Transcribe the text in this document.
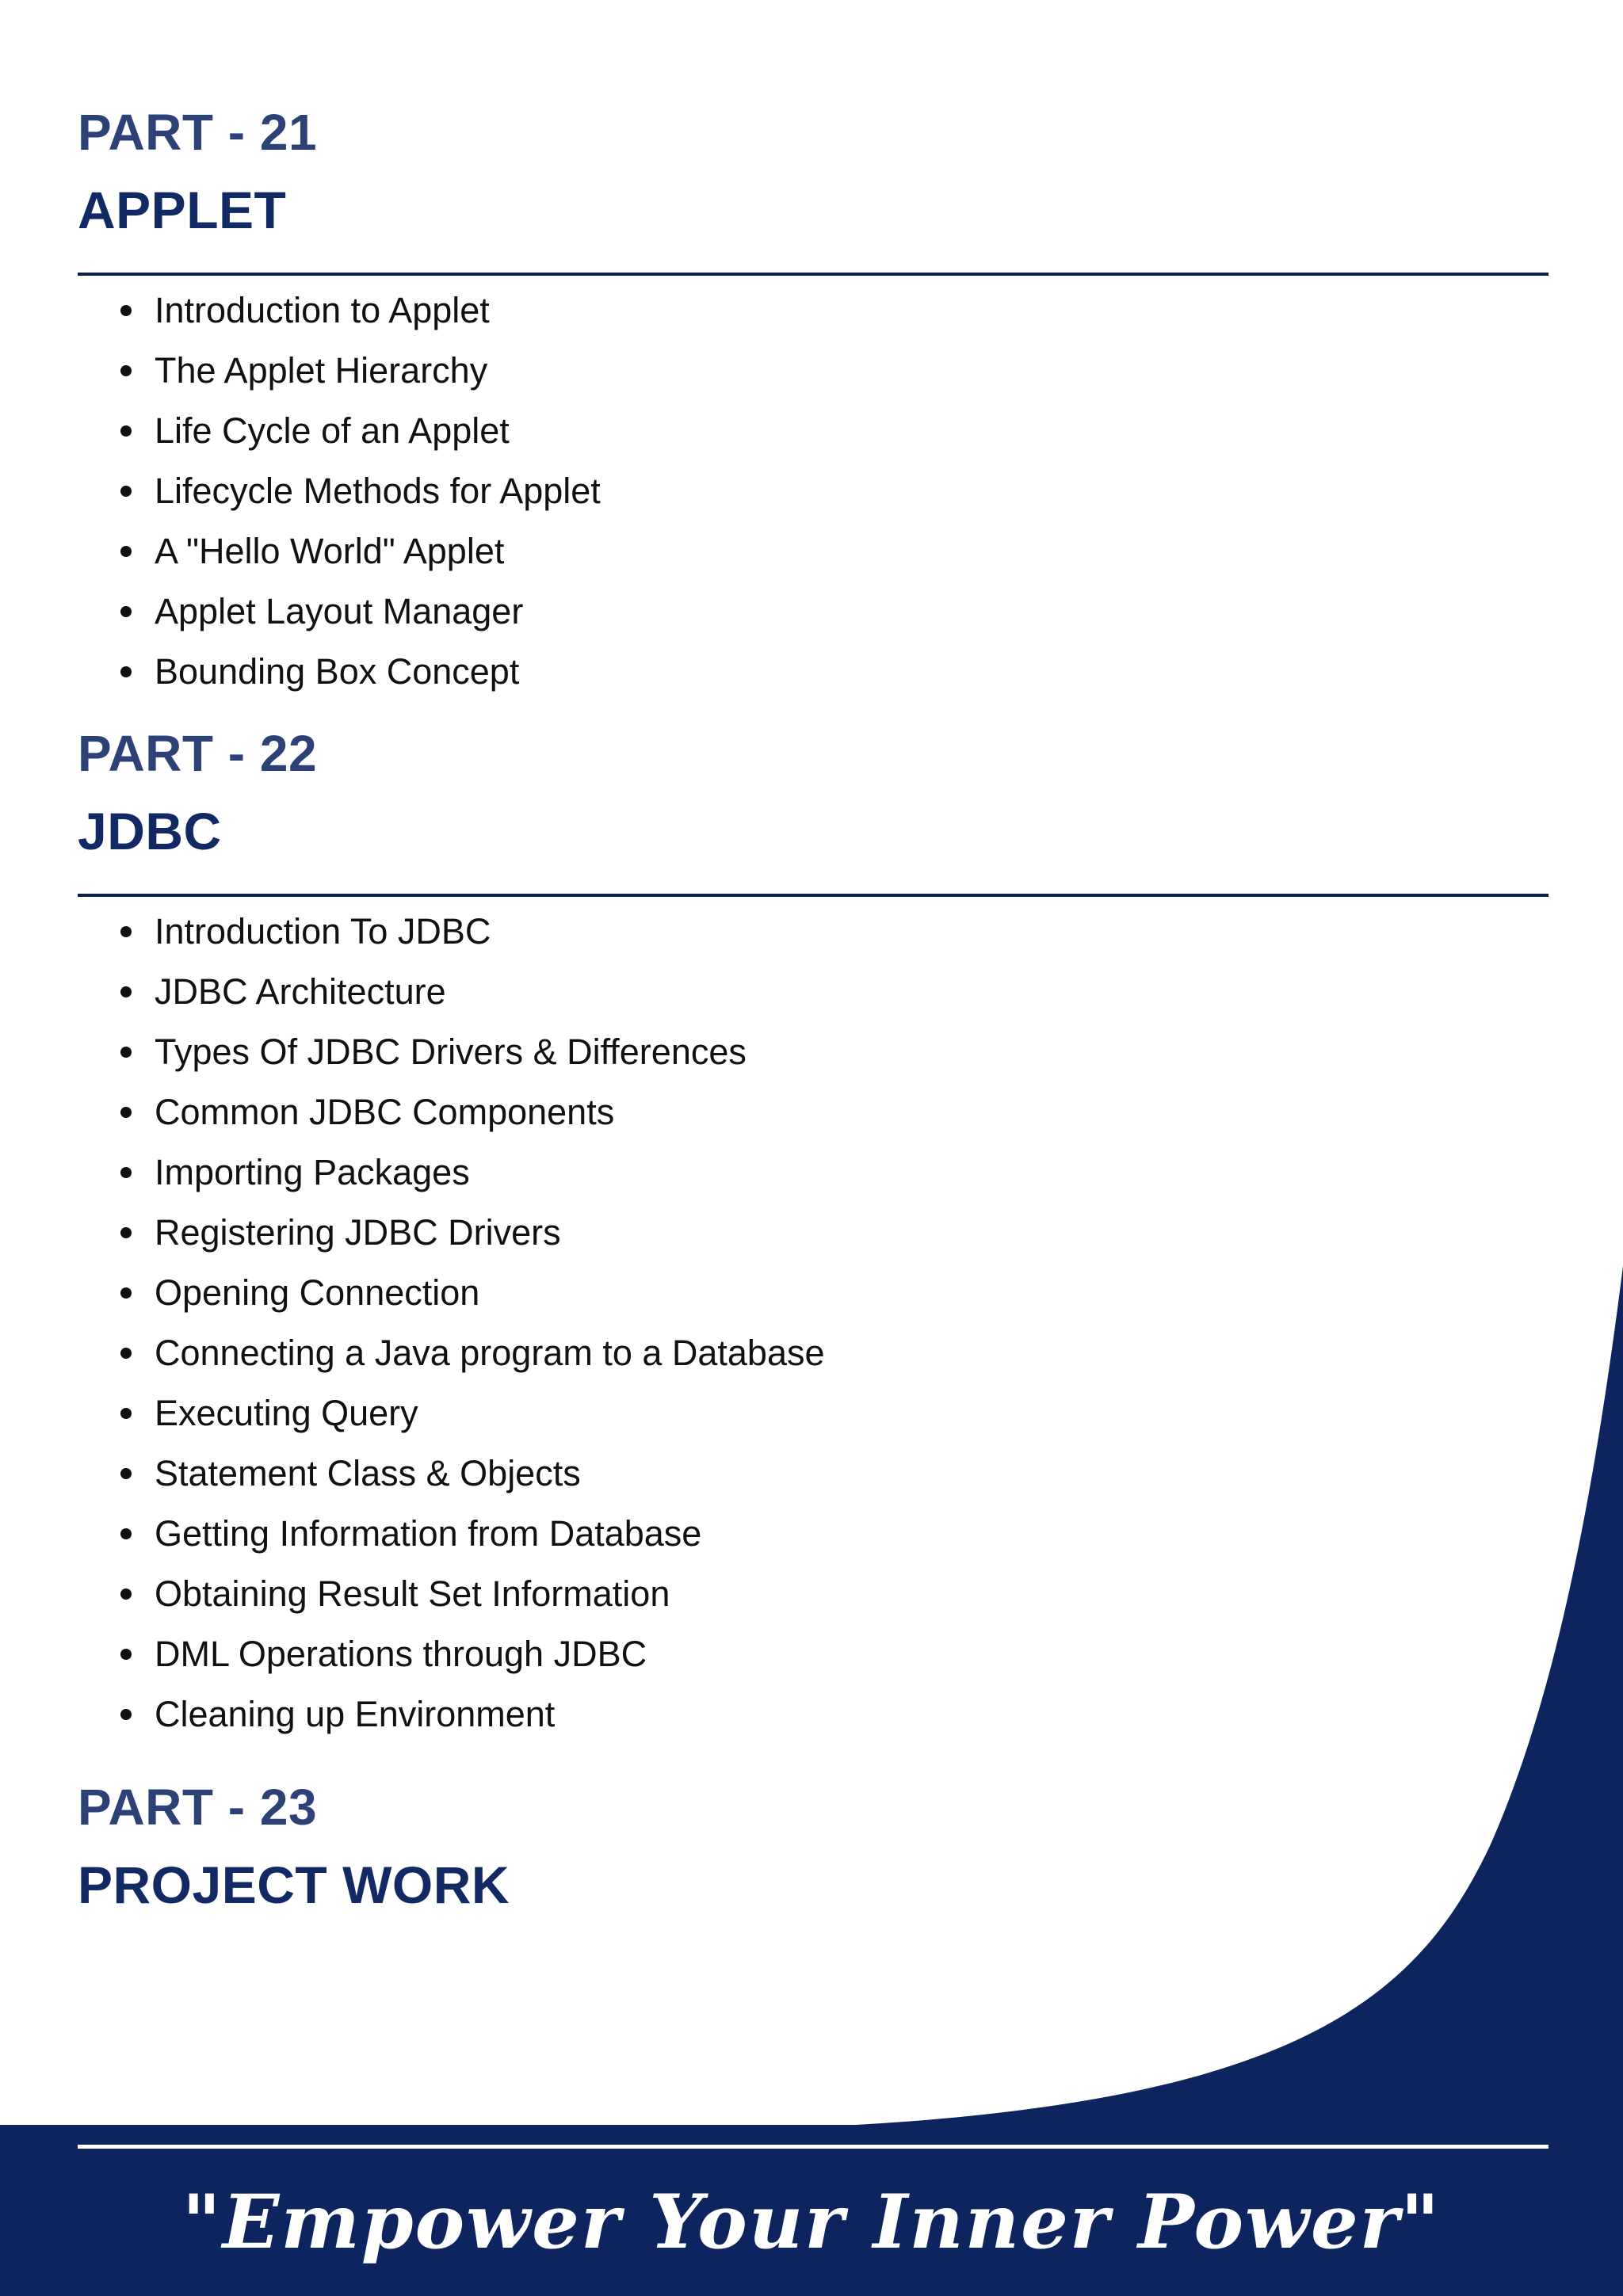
PART - 21
APPLET
Introduction to Applet
The Applet Hierarchy
Life Cycle of an Applet
Lifecycle Methods for Applet
A "Hello World" Applet
Applet Layout Manager
Bounding Box Concept
PART - 22
JDBC
Introduction To JDBC
JDBC Architecture
Types Of JDBC Drivers & Differences
Common JDBC Components
Importing Packages
Registering JDBC Drivers
Opening Connection
Connecting a Java program to a Database
Executing Query
Statement Class & Objects
Getting Information from Database
Obtaining Result Set Information
DML Operations through JDBC
Cleaning up Environment
PART - 23
PROJECT WORK
"Empower Your Inner Power"
